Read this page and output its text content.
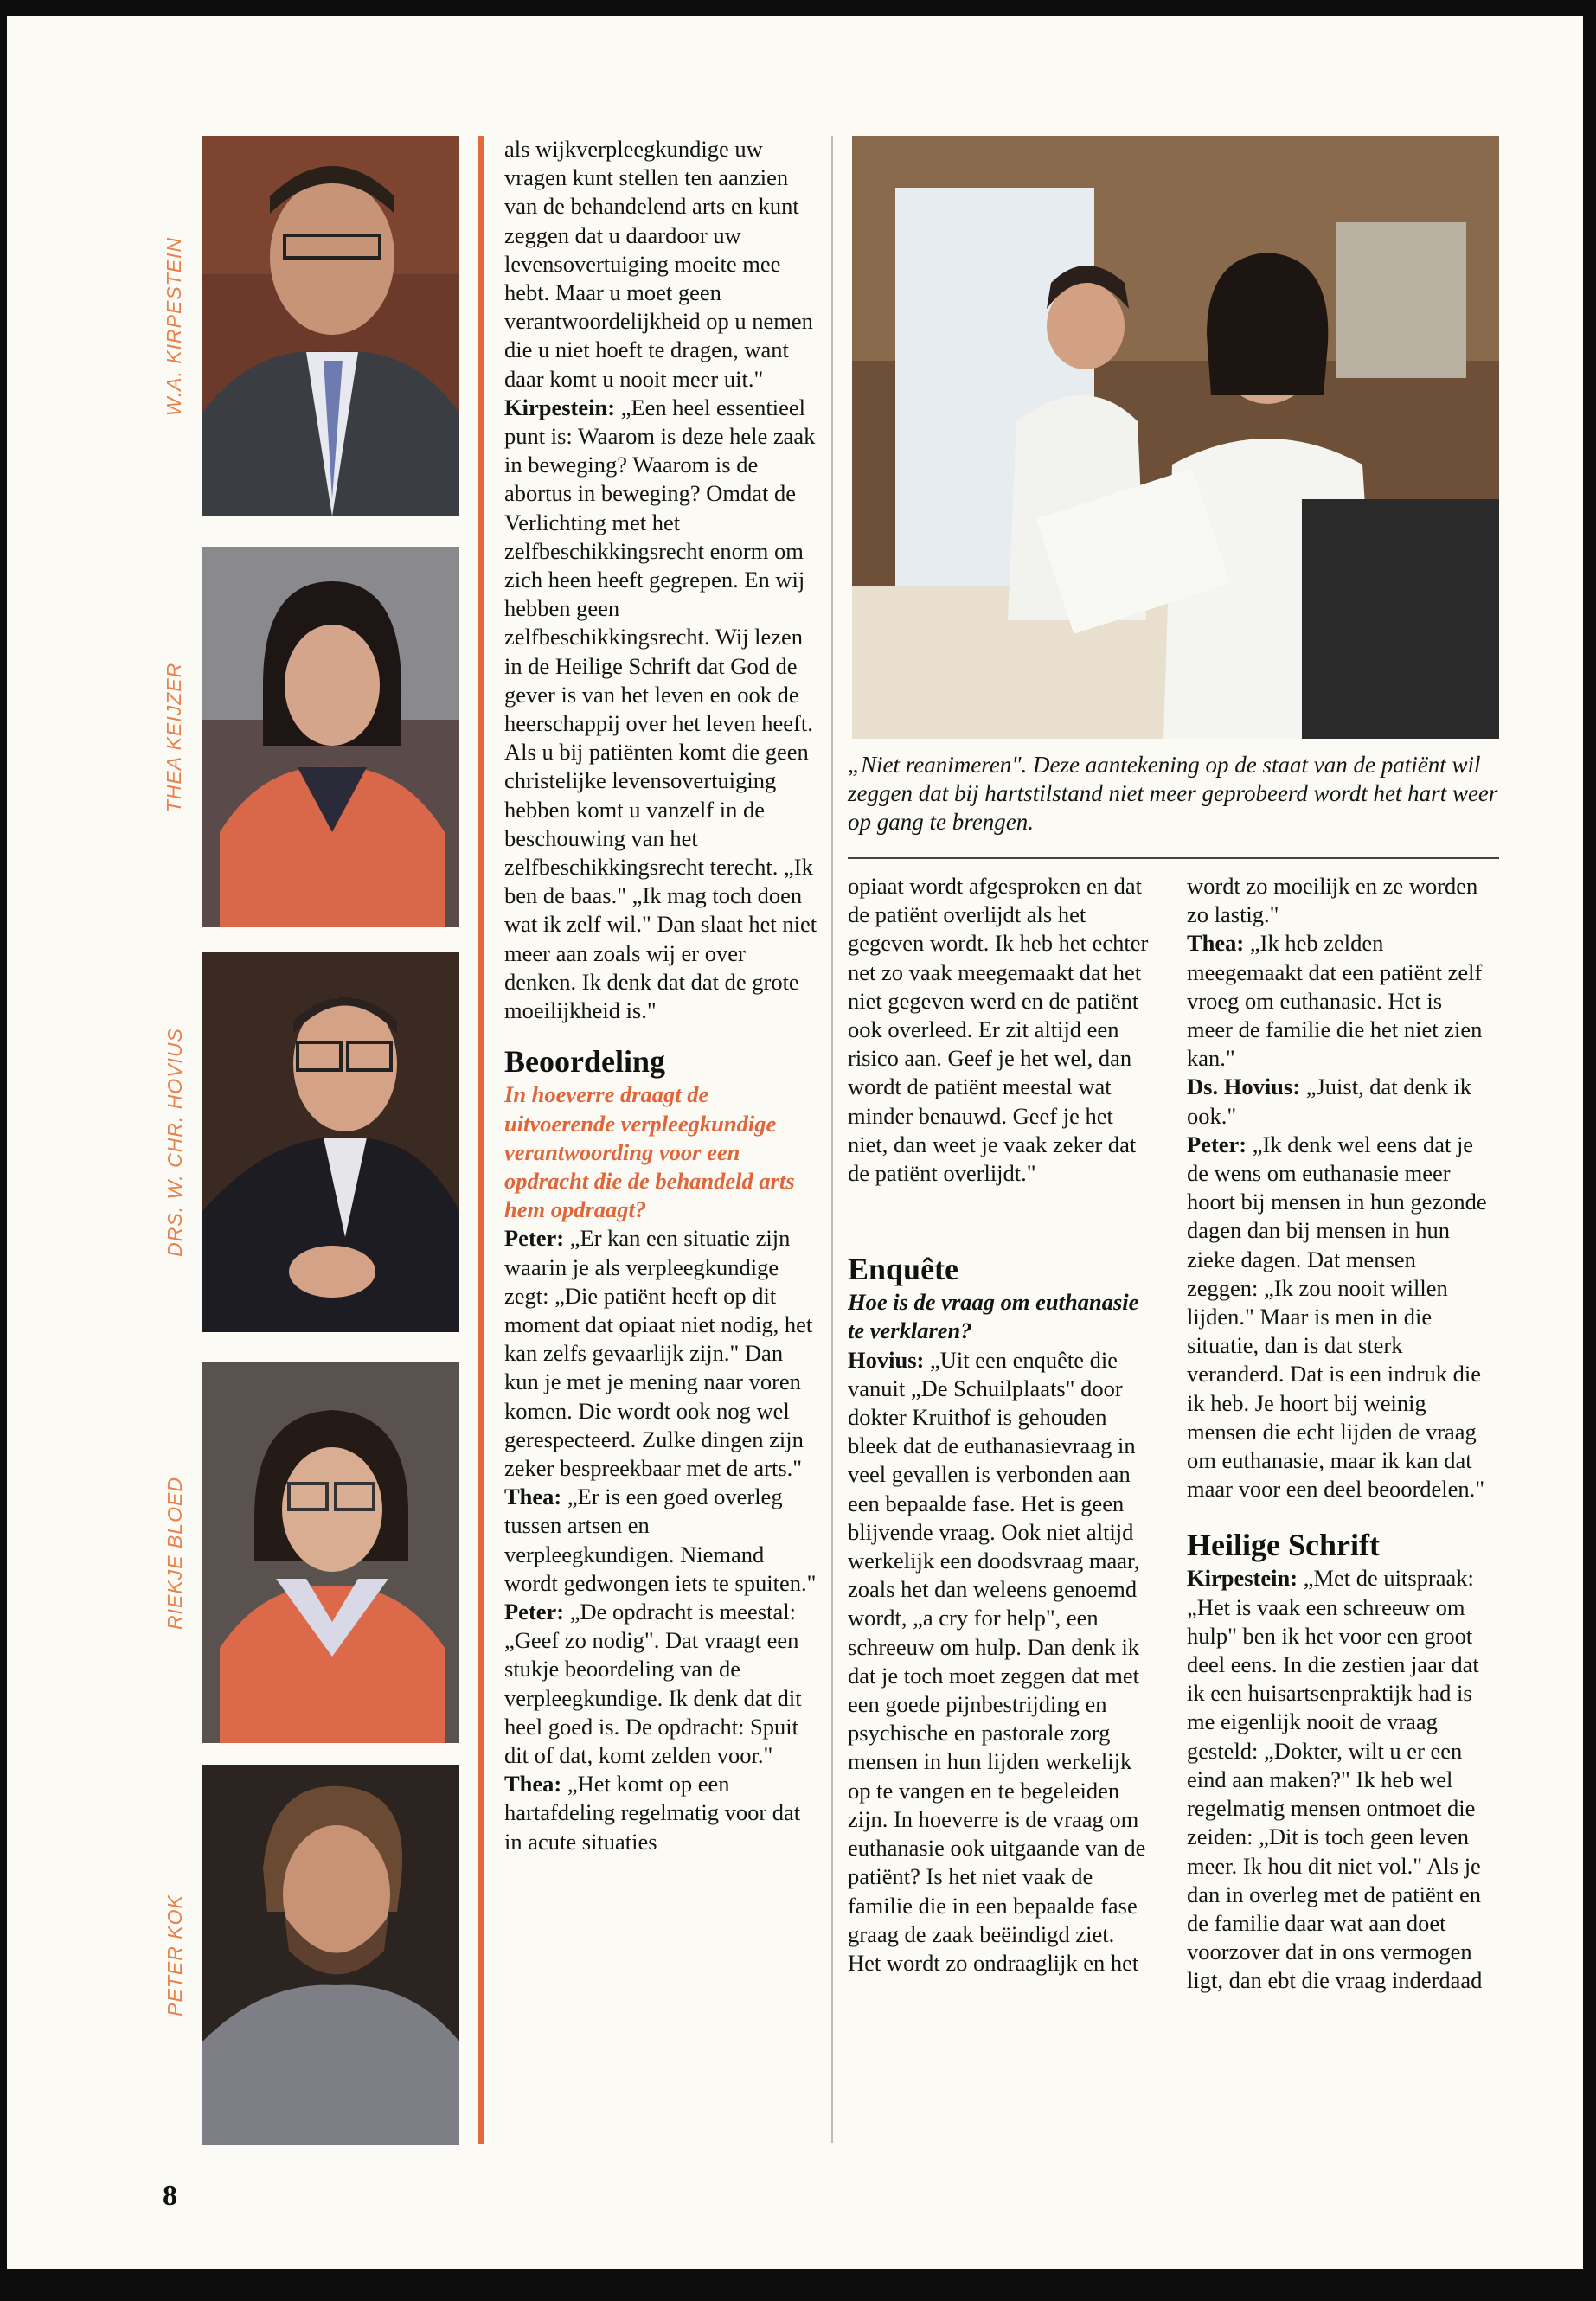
W.A. KIRPESTEIN
THEA KEIJZER
DRS. W. CHR. HOVIUS
RIEKJE BLOED
PETER KOK

als wijkverpleegkundige uw vragen kunt stellen ten aanzien van de behandelend arts en kunt zeggen dat u daardoor uw levensovertuiging moeite mee hebt. Maar u moet geen verantwoordelijkheid op u nemen die u niet hoeft te dragen, want daar komt u nooit meer uit."

Kirpestein: „Een heel essentieel punt is: Waarom is deze hele zaak in beweging? Waarom is de abortus in beweging? Omdat de Verlichting met het zelfbeschikkingsrecht enorm om zich heen heeft gegrepen. En wij hebben geen zelfbeschikkingsrecht. Wij lezen in de Heilige Schrift dat God de gever is van het leven en ook de heerschappij over het leven heeft. Als u bij patiënten komt die geen christelijke levensovertuiging hebben komt u vanzelf in de beschouwing van het zelfbeschikkingsrecht terecht. „Ik ben de baas." „Ik mag toch doen wat ik zelf wil." Dan slaat het niet meer aan zoals wij er over denken. Ik denk dat dat de grote moeilijkheid is."

Beoordeling

In hoeverre draagt de uitvoerende verpleegkundige verantwoording voor een opdracht die de behandeld arts hem opdraagt?

Peter: „Er kan een situatie zijn waarin je als verpleegkundige zegt: „Die patiënt heeft op dit moment dat opiaat niet nodig, het kan zelfs gevaarlijk zijn." Dan kun je met je mening naar voren komen. Die wordt ook nog wel gerespecteerd. Zulke dingen zijn zeker bespreekbaar met de arts."

Thea: „Er is een goed overleg tussen artsen en verpleegkundigen. Niemand wordt gedwongen iets te spuiten."

Peter: „De opdracht is meestal: „Geef zo nodig". Dat vraagt een stukje beoordeling van de verpleegkundige. Ik denk dat dit heel goed is. De opdracht: Spuit dit of dat, komt zelden voor."

Thea: „Het komt op een hartafdeling regelmatig voor dat in acute situaties

„Niet reanimeren". Deze aantekening op de staat van de patiënt wil zeggen dat bij hartstilstand niet meer geprobeerd wordt het hart weer op gang te brengen.

opiaat wordt afgesproken en dat de patiënt overlijdt als het gegeven wordt. Ik heb het echter net zo vaak meegemaakt dat het niet gegeven werd en de patiënt ook overleed. Er zit altijd een risico aan. Geef je het wel, dan wordt de patiënt meestal wat minder benauwd. Geef je het niet, dan weet je vaak zeker dat de patiënt overlijdt."

Enquête

Hoe is de vraag om euthanasie te verklaren?

Hovius: „Uit een enquête die vanuit „De Schuilplaats" door dokter Kruithof is gehouden bleek dat de euthanasievraag in veel gevallen is verbonden aan een bepaalde fase. Het is geen blijvende vraag. Ook niet altijd werkelijk een doodsvraag maar, zoals het dan weleens genoemd wordt, „a cry for help", een schreeuw om hulp. Dan denk ik dat je toch moet zeggen dat met een goede pijnbestrijding en psychische en pastorale zorg mensen in hun lijden werkelijk op te vangen en te begeleiden zijn. In hoeverre is de vraag om euthanasie ook uitgaande van de patiënt? Is het niet vaak de familie die in een bepaalde fase graag de zaak beëindigd ziet. Het wordt zo ondraaglijk en het

wordt zo moeilijk en ze worden zo lastig."

Thea: „Ik heb zelden meegemaakt dat een patiënt zelf vroeg om euthanasie. Het is meer de familie die het niet zien kan."

Ds. Hovius: „Juist, dat denk ik ook."

Peter: „Ik denk wel eens dat je de wens om euthanasie meer hoort bij mensen in hun gezonde dagen dan bij mensen in hun zieke dagen. Dat mensen zeggen: „Ik zou nooit willen lijden." Maar is men in die situatie, dan is dat sterk veranderd. Dat is een indruk die ik heb. Je hoort bij weinig mensen die echt lijden de vraag om euthanasie, maar ik kan dat maar voor een deel beoordelen."

Heilige Schrift

Kirpestein: „Met de uitspraak: „Het is vaak een schreeuw om hulp" ben ik het voor een groot deel eens. In die zestien jaar dat ik een huisartsenpraktijk had is me eigenlijk nooit de vraag gesteld: „Dokter, wilt u er een eind aan maken?" Ik heb wel regelmatig mensen ontmoet die zeiden: „Dit is toch geen leven meer. Ik hou dit niet vol." Als je dan in overleg met de patiënt en de familie daar wat aan doet voorzover dat in ons vermogen ligt, dan ebt die vraag inderdaad

8
